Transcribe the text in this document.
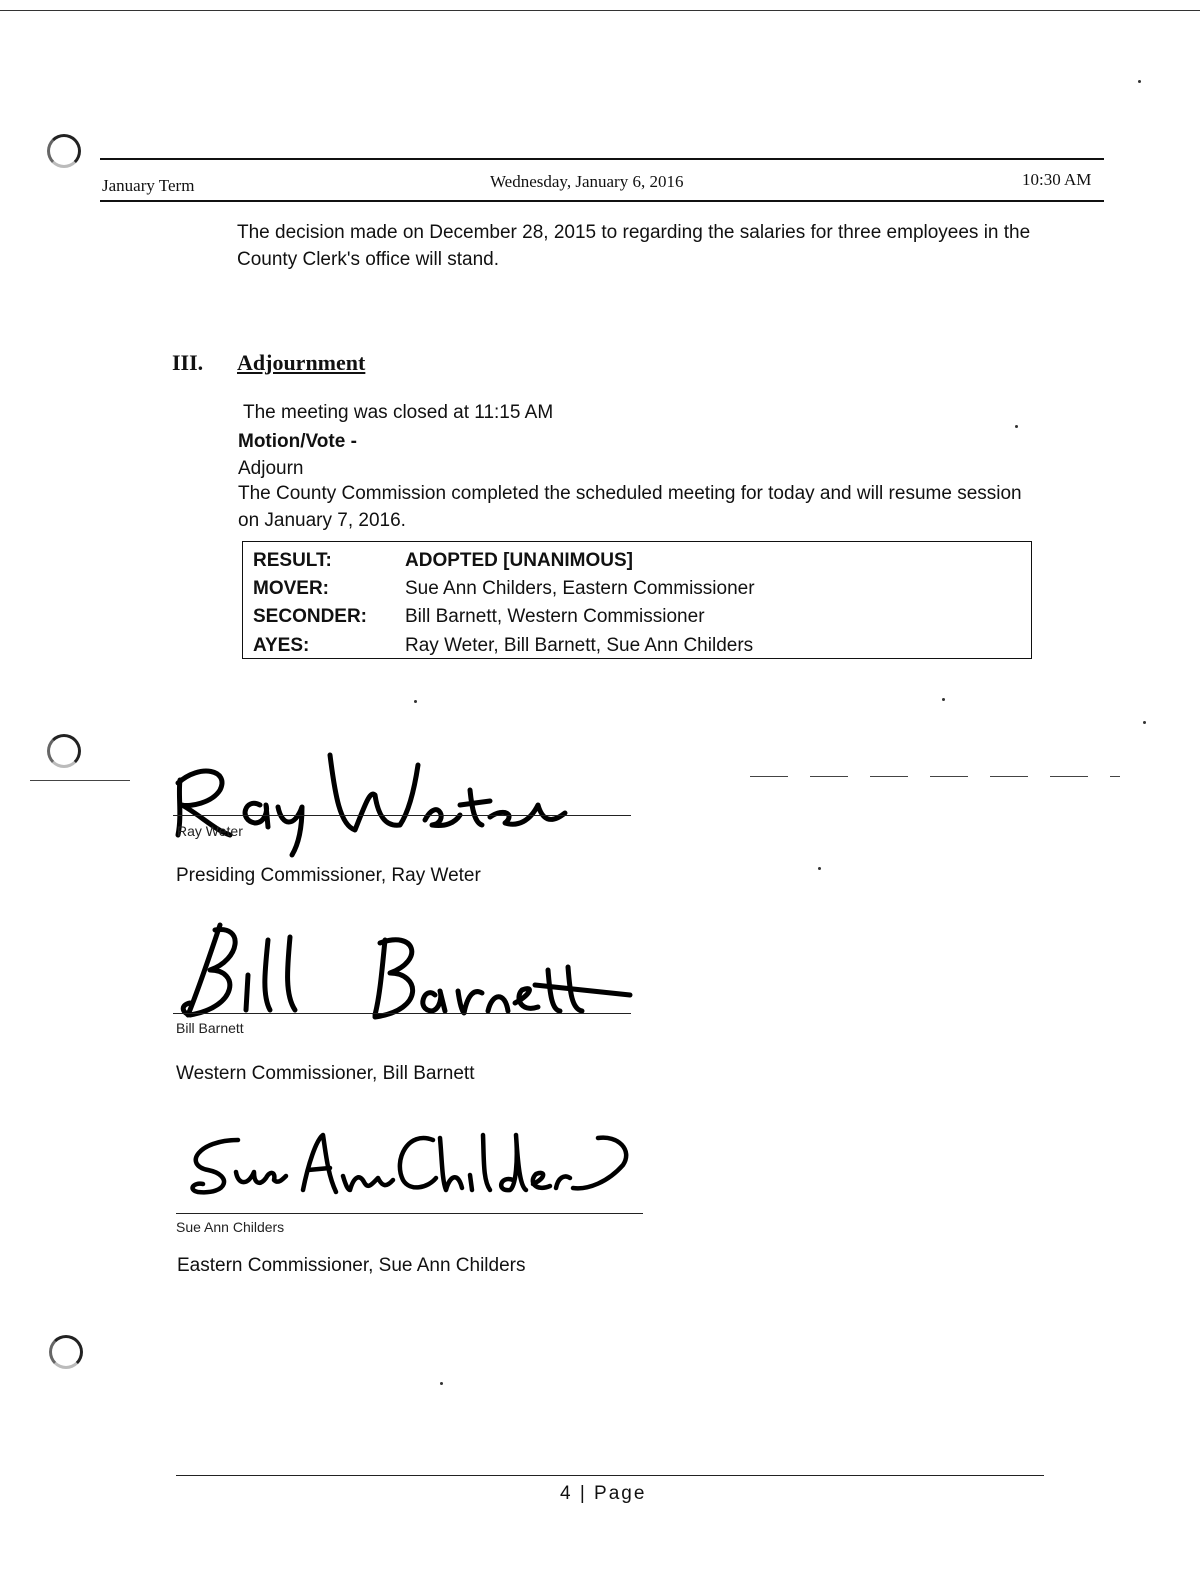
January Term	Wednesday, January 6, 2016	10:30 AM
The decision made on December 28, 2015 to regarding the salaries for three employees in the County Clerk's office will stand.
III. Adjournment
The meeting was closed at 11:15 AM
Motion/Vote -
Adjourn
The County Commission completed the scheduled meeting for today and will resume session on January 7, 2016.
RESULT:	ADOPTED [UNANIMOUS]
MOVER:	Sue Ann Childers, Eastern Commissioner
SECONDER:	Bill Barnett, Western Commissioner
AYES:	Ray Weter, Bill Barnett, Sue Ann Childers
Ray Weter
Presiding Commissioner, Ray Weter
Bill Barnett
Western Commissioner, Bill Barnett
Sue Ann Childers
Eastern Commissioner, Sue Ann Childers
4 | Page
